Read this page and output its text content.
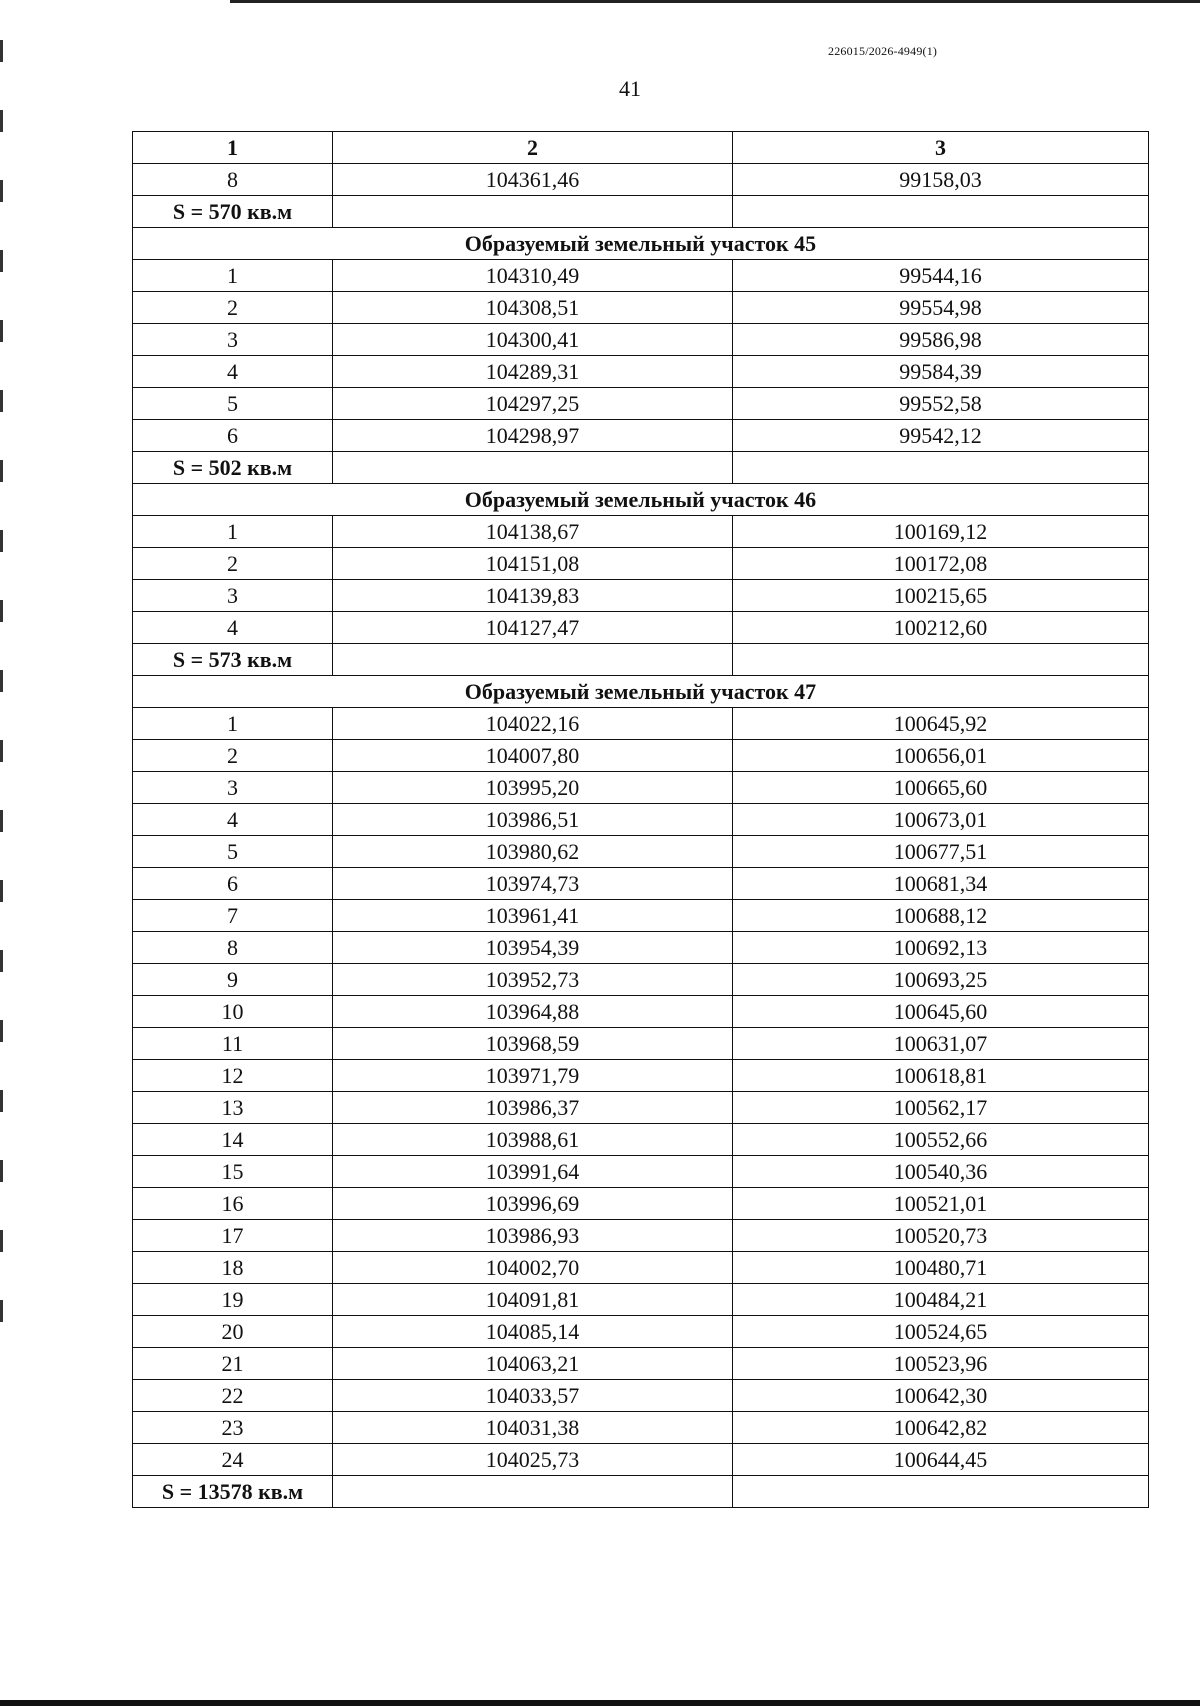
226015/2026-4949(1)
41
1	2	3
8	104361,46	99158,03
S = 570 кв.м		
Образуемый земельный участок 45		
1	104310,49	99544,16
2	104308,51	99554,98
3	104300,41	99586,98
4	104289,31	99584,39
5	104297,25	99552,58
6	104298,97	99542,12
S = 502 кв.м		
Образуемый земельный участок 46		
1	104138,67	100169,12
2	104151,08	100172,08
3	104139,83	100215,65
4	104127,47	100212,60
S = 573 кв.м		
Образуемый земельный участок 47		
1	104022,16	100645,92
2	104007,80	100656,01
3	103995,20	100665,60
4	103986,51	100673,01
5	103980,62	100677,51
6	103974,73	100681,34
7	103961,41	100688,12
8	103954,39	100692,13
9	103952,73	100693,25
10	103964,88	100645,60
11	103968,59	100631,07
12	103971,79	100618,81
13	103986,37	100562,17
14	103988,61	100552,66
15	103991,64	100540,36
16	103996,69	100521,01
17	103986,93	100520,73
18	104002,70	100480,71
19	104091,81	100484,21
20	104085,14	100524,65
21	104063,21	100523,96
22	104033,57	100642,30
23	104031,38	100642,82
24	104025,73	100644,45
S = 13578 кв.м		
